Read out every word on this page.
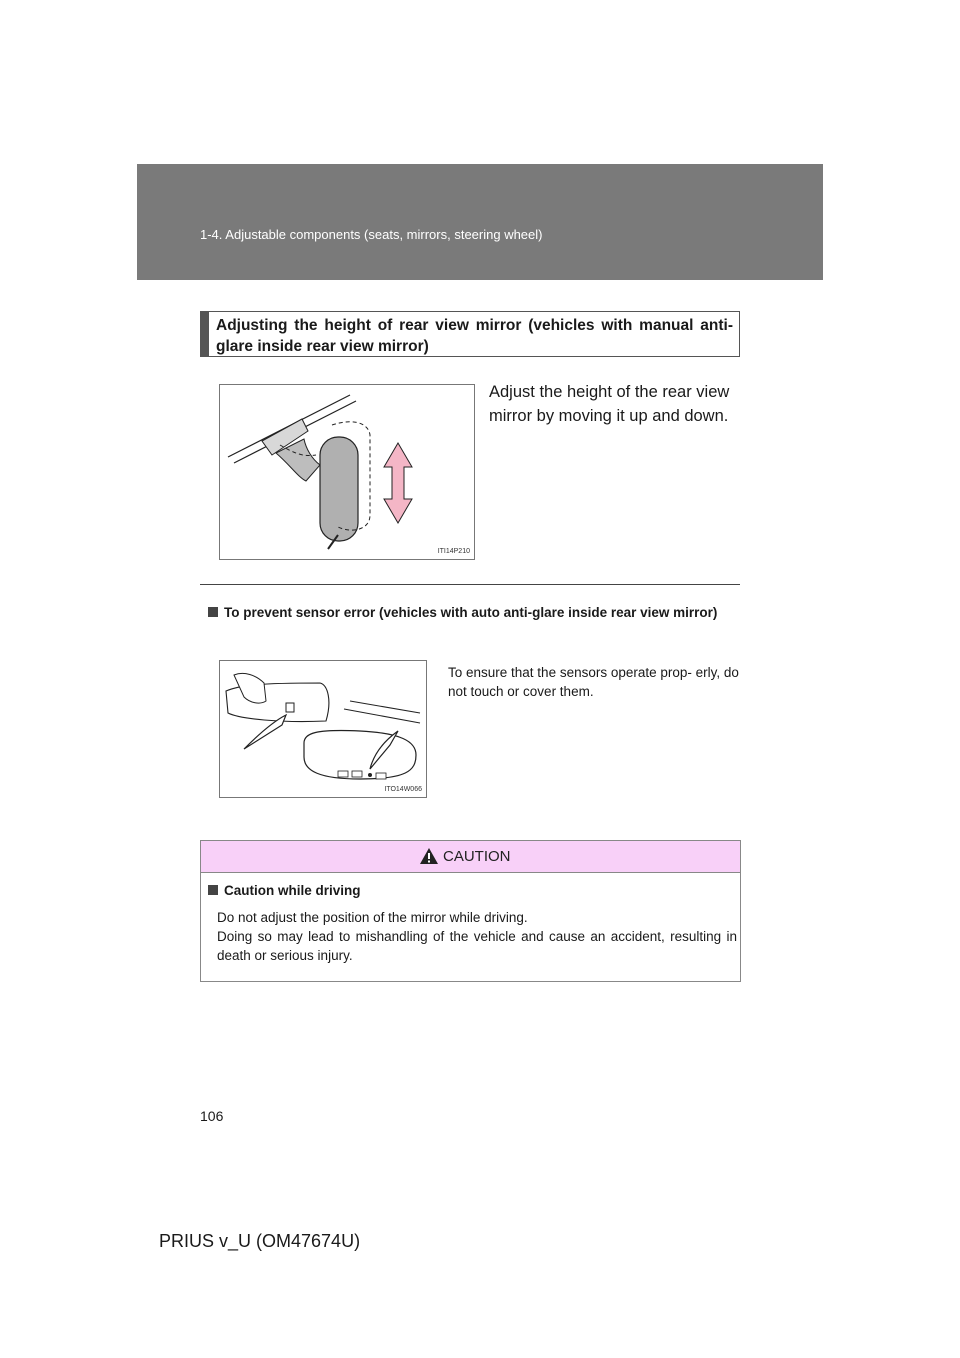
1-4. Adjustable components (seats, mirrors, steering wheel)
Adjusting the height of rear view mirror (vehicles with manual anti-glare inside rear view mirror)
ITI14P210
Adjust the height of the rear view mirror by moving it up and down.
To prevent sensor error (vehicles with auto anti-glare inside rear view mirror)
ITO14W066
To ensure that the sensors operate prop- erly, do not touch or cover them.
CAUTION
Caution while driving

Do not adjust the position of the mirror while driving.

Doing so may lead to mishandling of the vehicle and cause an accident, resulting in death or serious injury.

106
PRIUS v_U (OM47674U)
